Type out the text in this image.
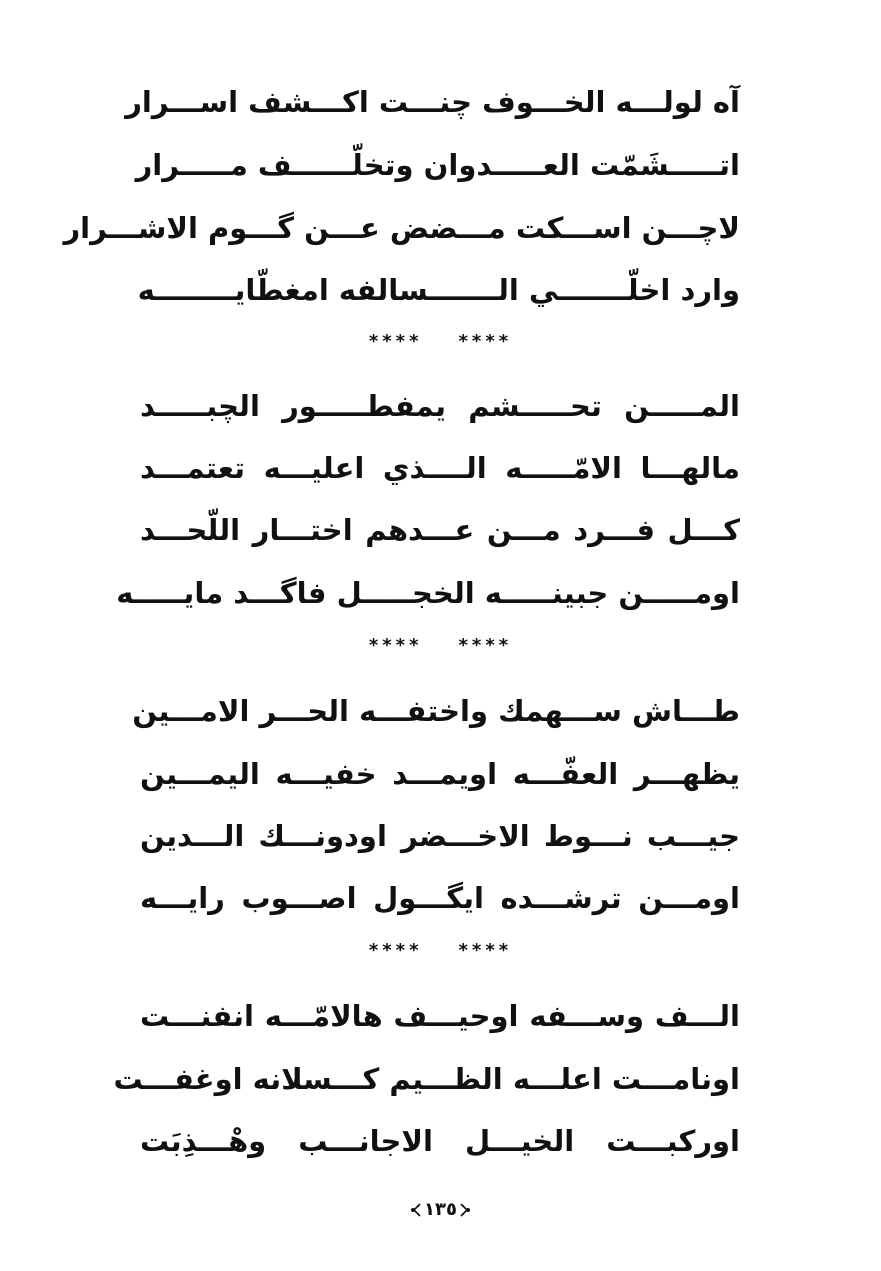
آه لولـــه الخـــوف چنـــت اكـــشف اســـرار
اتـــــشَمّت العـــــدوان وتخلّــــــف مـــــرار
لاچـــن اســـكت مـــضض عـــن گـــوم الاشـــرار
وارد اخلّـــــــي الـــــــسالفه امغطّايــــــــه
**** ****
المـــــن تحـــــشم يمفطـــــور الچبـــــد
مالهـــا الامّـــــه الــــذي اعليـــه تعتمـــد
كـــل فـــرد مـــن عـــدهم اختـــار اللّحـــد
اومـــــن جبينـــــه الخجـــــل فاگـــد مايـــــه
**** ****
طـــاش ســـهمك واختفـــه الحـــر الامـــين
يظهـــر العفّـــه اويمـــد خفيـــه اليمـــين
جيـــب نـــوط الاخـــضر اودونـــك الـــدين
اومـــن ترشـــده ايگـــول اصـــوب رايـــه
**** ****
الـــف وســـفه اوحيـــف هالامّـــه انفنـــت
اونامـــت اعلـــه الظـــيم كـــسلانه اوغفـــت
اوركبـــت الخيـــل الاجانـــب وهْـــذِبَت
١٣٥
